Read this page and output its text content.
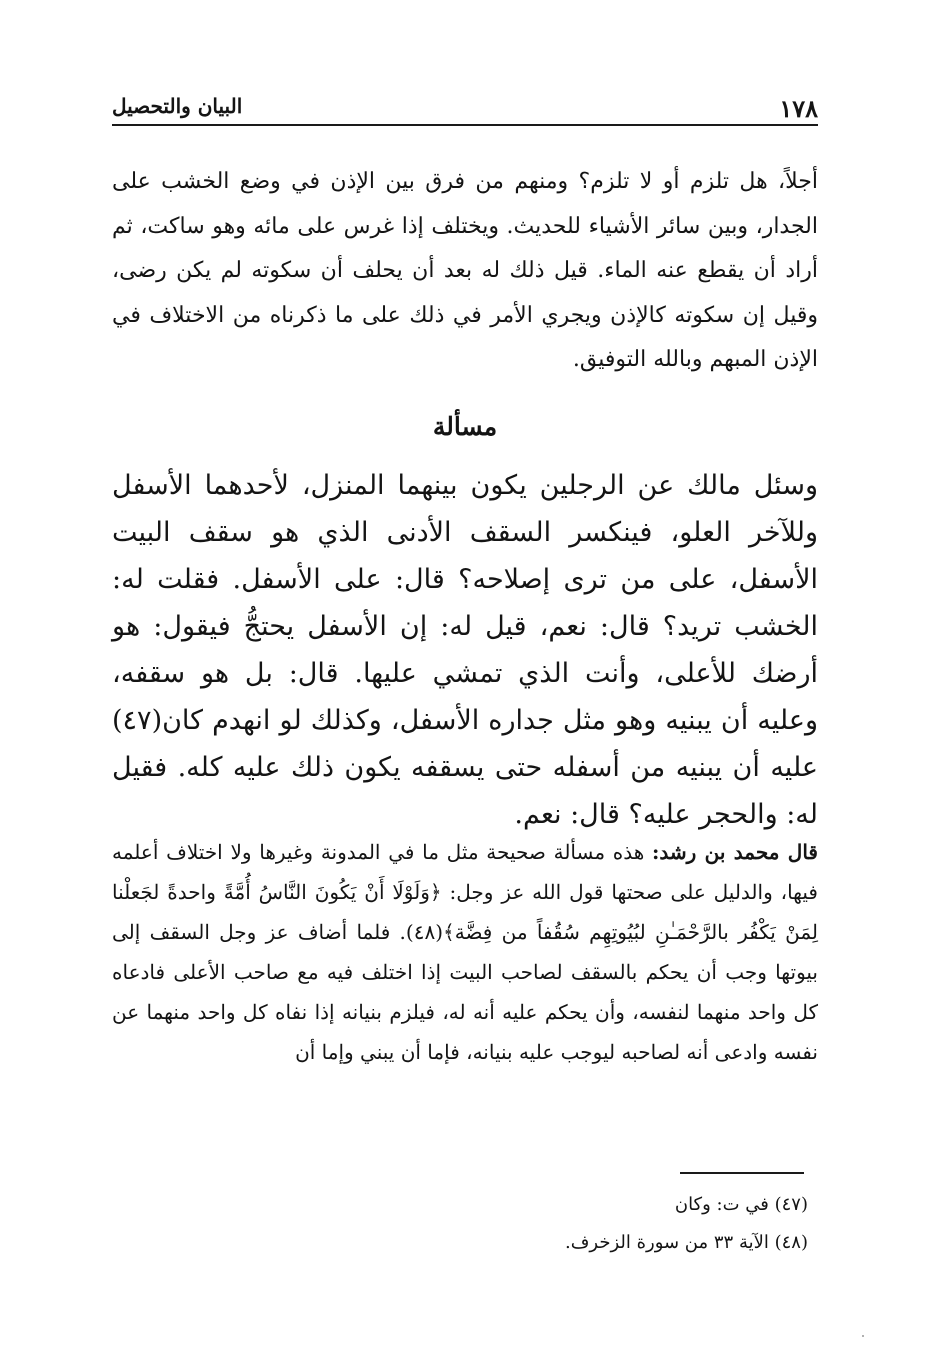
١٧٨
البيان والتحصيل

أجلاً، هل تلزم أو لا تلزم؟ ومنهم من فرق بين الإذن في وضع الخشب على الجدار، وبين سائر الأشياء للحديث. ويختلف إذا غرس على مائه وهو ساكت، ثم أراد أن يقطع عنه الماء. قيل ذلك له بعد أن يحلف أن سكوته لم يكن رضى، وقيل إن سكوته كالإذن ويجري الأمر في ذلك على ما ذكرناه من الاختلاف في الإذن المبهم وبالله التوفيق.

مسألة

وسئل مالك عن الرجلين يكون بينهما المنزل، لأحدهما الأسفل وللآخر العلو، فينكسر السقف الأدنى الذي هو سقف البيت الأسفل، على من ترى إصلاحه؟ قال: على الأسفل. فقلت له: الخشب تريد؟ قال: نعم، قيل له: إن الأسفل يحتجُّ فيقول: هو أرضك للأعلى، وأنت الذي تمشي عليها. قال: بل هو سقفه، وعليه أن يبنيه وهو مثل جداره الأسفل، وكذلك لو انهدم كان(٤٧) عليه أن يبنيه من أسفله حتى يسقفه يكون ذلك عليه كله. فقيل له: والحجر عليه؟ قال: نعم.

قال محمد بن رشد: هذه مسألة صحيحة مثل ما في المدونة وغيرها ولا اختلاف أعلمه فيها، والدليل على صحتها قول الله عز وجل: ﴿وَلَوْلَا أَنْ يَكُونَ النَّاسُ أُمَّةً واحدةً لجَعلْنا لِمَنْ يَكْفُر بالرَّحْمَـٰنِ لبُيُوتِهِم سُقُفاً من فِضَّة﴾(٤٨). فلما أضاف عز وجل السقف إلى بيوتها وجب أن يحكم بالسقف لصاحب البيت إذا اختلف فيه مع صاحب الأعلى فادعاه كل واحد منهما لنفسه، وأن يحكم عليه أنه له، فيلزم بنيانه إذا نفاه كل واحد منهما عن نفسه وادعى أنه لصاحبه ليوجب عليه بنيانه، فإما أن يبني وإما أن

(٤٧) في ت: وكان
(٤٨) الآية ٣٣ من سورة الزخرف.
